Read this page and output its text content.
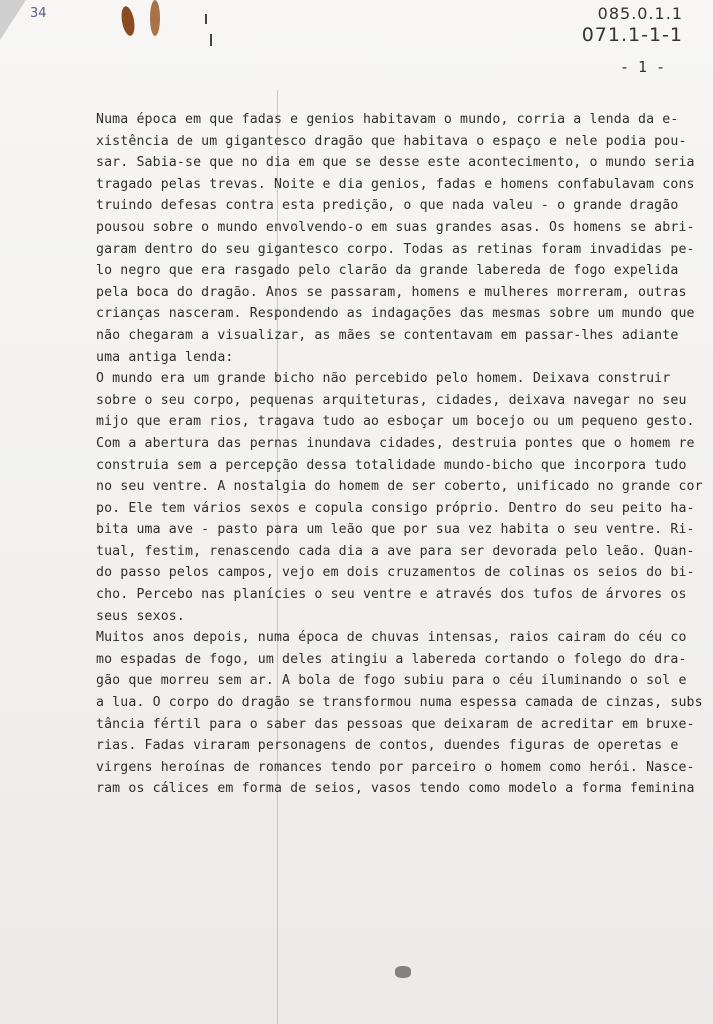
34	085.0.1.1
071.1-1-1
- 1 -
Numa época em que fadas e genios habitavam o mundo, corria a lenda da e-
xistência de um gigantesco dragão que habitava o espaço e nele podia pou-
sar. Sabia-se que no dia em que se desse este acontecimento, o mundo seria
tragado pelas trevas. Noite e dia genios, fadas e homens confabulavam cons
truindo defesas contra esta predição, o que nada valeu - o grande dragão
pousou sobre o mundo envolvendo-o em suas grandes asas. Os homens se abri-
garam dentro do seu gigantesco corpo. Todas as retinas foram invadidas pe-
lo negro que era rasgado pelo clarão da grande labereda de fogo expelida
pela boca do dragão. Anos se passaram, homens e mulheres morreram, outras
crianças nasceram. Respondendo as indagações das mesmas sobre um mundo que
não chegaram a visualizar, as mães se contentavam em passar-lhes adiante
uma antiga lenda:
O mundo era um grande bicho não percebido pelo homem. Deixava construir
sobre o seu corpo, pequenas arquiteturas, cidades, deixava navegar no seu
mijo que eram rios, tragava tudo ao esboçar um bocejo ou um pequeno gesto.
Com a abertura das pernas inundava cidades, destruia pontes que o homem re
construia sem a percepção dessa totalidade mundo-bicho que incorpora tudo
no seu ventre. A nostalgia do homem de ser coberto, unificado no grande cor
po. Ele tem vários sexos e copula consigo próprio. Dentro do seu peito ha-
bita uma ave - pasto para um leão que por sua vez habita o seu ventre. Ri-
tual, festim, renascendo cada dia a ave para ser devorada pelo leão. Quan-
do passo pelos campos, vejo em dois cruzamentos de colinas os seios do bi-
cho. Percebo nas planícies o seu ventre e através dos tufos de árvores os
seus sexos.
Muitos anos depois, numa época de chuvas intensas, raios cairam do céu co
mo espadas de fogo, um deles atingiu a labereda cortando o folego do dra-
gão que morreu sem ar. A bola de fogo subiu para o céu iluminando o sol e
a lua. O corpo do dragão se transformou numa espessa camada de cinzas, subs
tância fértil para o saber das pessoas que deixaram de acreditar em bruxe-
rias. Fadas viraram personagens de contos, duendes figuras de operetas e
virgens heroínas de romances tendo por parceiro o homem como herói. Nasce-
ram os cálices em forma de seios, vasos tendo como modelo a forma feminina
